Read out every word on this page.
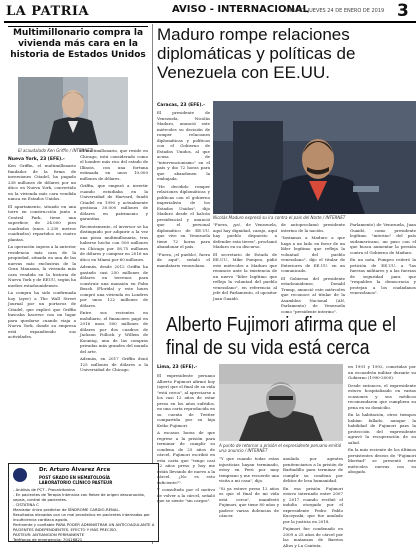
LA PATRIA	AVISO - INTERNACIONAL
ORURO, JUEVES 24 DE ENERO DE 2019 3
Multimillonario compra la vivienda más cara en la historia de Estados Unidos
El acaudalado Ken Griffin / INTERNET
Nueva York, 23 (EFE).-

Ken Griffin, el multimillonario fundador de la firma de inversiones Citadel, ha pagado 238 millones de dólares por un ático en Nueva York, convertido en la vivienda más cara vendida nunca en Estados Unidos.

El apartamento, situado en una torre en construcción junto a Central Park, tiene una superficie de 24.000 pies cuadrados (unos 2.230 metros cuadrados) repartidos en cuatro plantas.

La operación supera a la anterior residencia más cara de la propiedad, situada en una de las nuevas más exclusivas de la Gran Manzana, la vivienda más cara vendida en la historia de Nueva York y de EEUU, según ha medios estadounidenses.

La compra ha sido confirmada hoy (ayer) a The Wall Street Journal por un portavoz de Citadel, que explicó que Griffin buscaba hacerse con un lugar para quedarse cuando viaja a Nueva York, donde su empresa está expandiendo sus actividades.

El multimillonario, que reside en Chicago, está considerado como el hombre más rico del estado de Illinois, con una fortuna estimada en unos 10.000 millones de dólares.

Griffin, que empezó a invertir cuando estudiaba en la Universidad de Harvard, fundó Citadel en 1990 y actualmente gestiona 30.000 millones de dólares en patrimonio y garantías.

Recientemente, el inversor se ha distinguido por adquirir a la vez una pieza multimillonaria, tras haberse hecho con 500 millones en Chicago por 58,75 millones de dólares y comprar en 2016 un ático en Miami por 60 millones.

Además, desde 2012 Griffin ha gastado casi 250 millones de dólares en terrenos para construir una mansión en Palm Beach (Florida) y este lunes compró una vivienda en Londres por unos 122 millones de dólares.

Entre sus recientes en mobiliario, el financiero pagó en 2016 unos 500 millones de dólares por dos cuadros de Jackson Pollock y Willem de Kooning, una de las compras privadas más grandes del mundo del arte.

Además, en 2017 Griffin donó 125 millones de dólares a la Universidad de Chicago.

Dr. Arturo Álvarez Arce
POST GRADO EN HEMATOLOGÍA
LABORATORIO CLÍNICO PASTEUR
- Análisis de PCT - Procalcitonina
- En pacientes de Terapia Intensiva con fiebre de origen desconocido, sepsis, control de pacientes.
- CISTATINA C
Marcador único predictor de SÍNDROME CARDIO-RENAL.
Resultados elevados con un mal pronóstico en pacientes internados por insuficiencia cardíaca aguda.
Pertinente y confiable PARA PODER ADMINISTRAR UN ANTICOAGULANTE A PACIENTES INDEPENDIENTES. EFECTO Y MÁS PRECISO.
PASTEUR: ANTIANGION PERMANENTE
Teléfonos de emergencia: 70416821
Maduro rompe relaciones diplomáticas y políticas de Venezuela con EE.UU.
Caracas, 23 (EFE).-

El presidente de Venezuela, Nicolás Maduro, anunció este miércoles su decisión de romper relaciones diplomáticas y políticas con el Gobierno de Estados Unidos, al que acusa de "intervencionismo" en el país y dio 72 horas para que abandonen la embajada.

"He decidido romper relaciones diplomáticas y políticas con el gobierno imperialista de los Estados Unidos", dijo Maduro desde el balcón presidencial y anunció que el personal diplomático de EE.UU. que vive en Venezuela tiene 72 horas para abandonar el país.

"Fuera, ¡el pueblo!, fuera de aquí", señaló el mandatario venezolano.

Nicolás Maduro expresó su ira contra el país del Norte / INTERNET

"Fuera, ¡ya!, de Venezuela, aquí hay dignidad, carajo, aquí hay pueblo dispuesto a defender esta tierra", proclamó Maduro en su discurso.

El secretario de Estado de EE.UU., Mike Pompeo, pidió este miércoles a Maduro que renuncie ante la existencia de un nuevo "líder legítimo que refleja la voluntad del pueblo venezolano", en referencia al jefe del Parlamento, el opositor Juan Guaidó.

de autoproclamó presidente interino de la nación.

"Instamos a Maduro a que haga a un lado en favor de un líder legítimo que refleja la voluntad del pueblo venezolano", dijo el titular de Exteriores de EE.UU. en un comunicado.

El Gobierno del presidente estadounidense, Donald Trump, anunció este miércoles que reconoce al titular de la Asamblea Nacional (AN, Parlamento) de Venezuela como "presidente interino".

Parlamento) de Venezuela, Juan Guaidó, como presidente legítimo "interino" del país sudamericano, un paso con el que busca aumentar la presión contra el Gobierno de Maduro.

En un nota, Pompeo reiteró la petición de EE.UU. a "las fuerzas militares y a las fuerzas de seguridad para que "respalden la democracia y protejan a los ciudadanos venezolanos".

Alberto Fujimori afirma que el final de su vida está cerca
Lima, 23 (EFE).-

El expresidente peruano Alberto Fujimori afirmó hoy (ayer) que el final de su vida "está cerca", al apreciarse a los casi 12 años de estar preso en los años sufridos, en una carta reproducida en su cuenta de Twitter compartida por su hija Keiko Fujimori.

A escasos horas de que regrese a la prisión para terminar de cumplir su condena de 25 años de cárcel, Fujimori escribió en esta carta que "tengo casi 12 años preso y hoy me están llevando de nuevo a la cárcel. ¿No es esto suficiente?".

Y consultado por el motivo de volver a la cárcel, señaló que se siente "sin cargos".

A punto de retornar a prisión el expresidente peruano emitió una anuncio / INTERNET

"Y que cuando todas estas injusticias hayan terminado, estoy en Perú por muy temprano y me recuerde una visita a mi casa", dijo.

"Si ya estuve preso 12 años es que el final de mi vida está cerca", manifestó Fujimori, que tiene 80 años y padece varias dolencias de cáncer.

anulado por agentes penitenciarios a la prisión de Barbadillo para terminar de cumplir su condena por delitos de lesa humanidad.

En esa prisión Fujimori estuvo internado entre 2007 y 2017 cuando recibió el indulto otorgado por el expresidente Pedro Pablo Kuczynski, que fue anulado por la justicia en 2018.

Fujimori fue condenado en 2009 a 25 años de cárcel por las matanzas de Barrios Altos y La Cantuta.

en 1991 y 1992, cometidas por un escuadrón militar durante su Gobierno (1990-2000).

Desde entonces, el expresidente estuvo hospitalizado en varias ocasiones y sus médicos recomendaron que cumpliera su pena en su domicilio.

En la habitación, otros tiempos habían fallado, aunque la habilidad de Fujimori para la protección del expresidente agravó la recuperación de su salud.

En la más reciente de los últimos persistentes deseos de "Fujimori libertad" se presentó este miércoles nuevas con su abogado.
